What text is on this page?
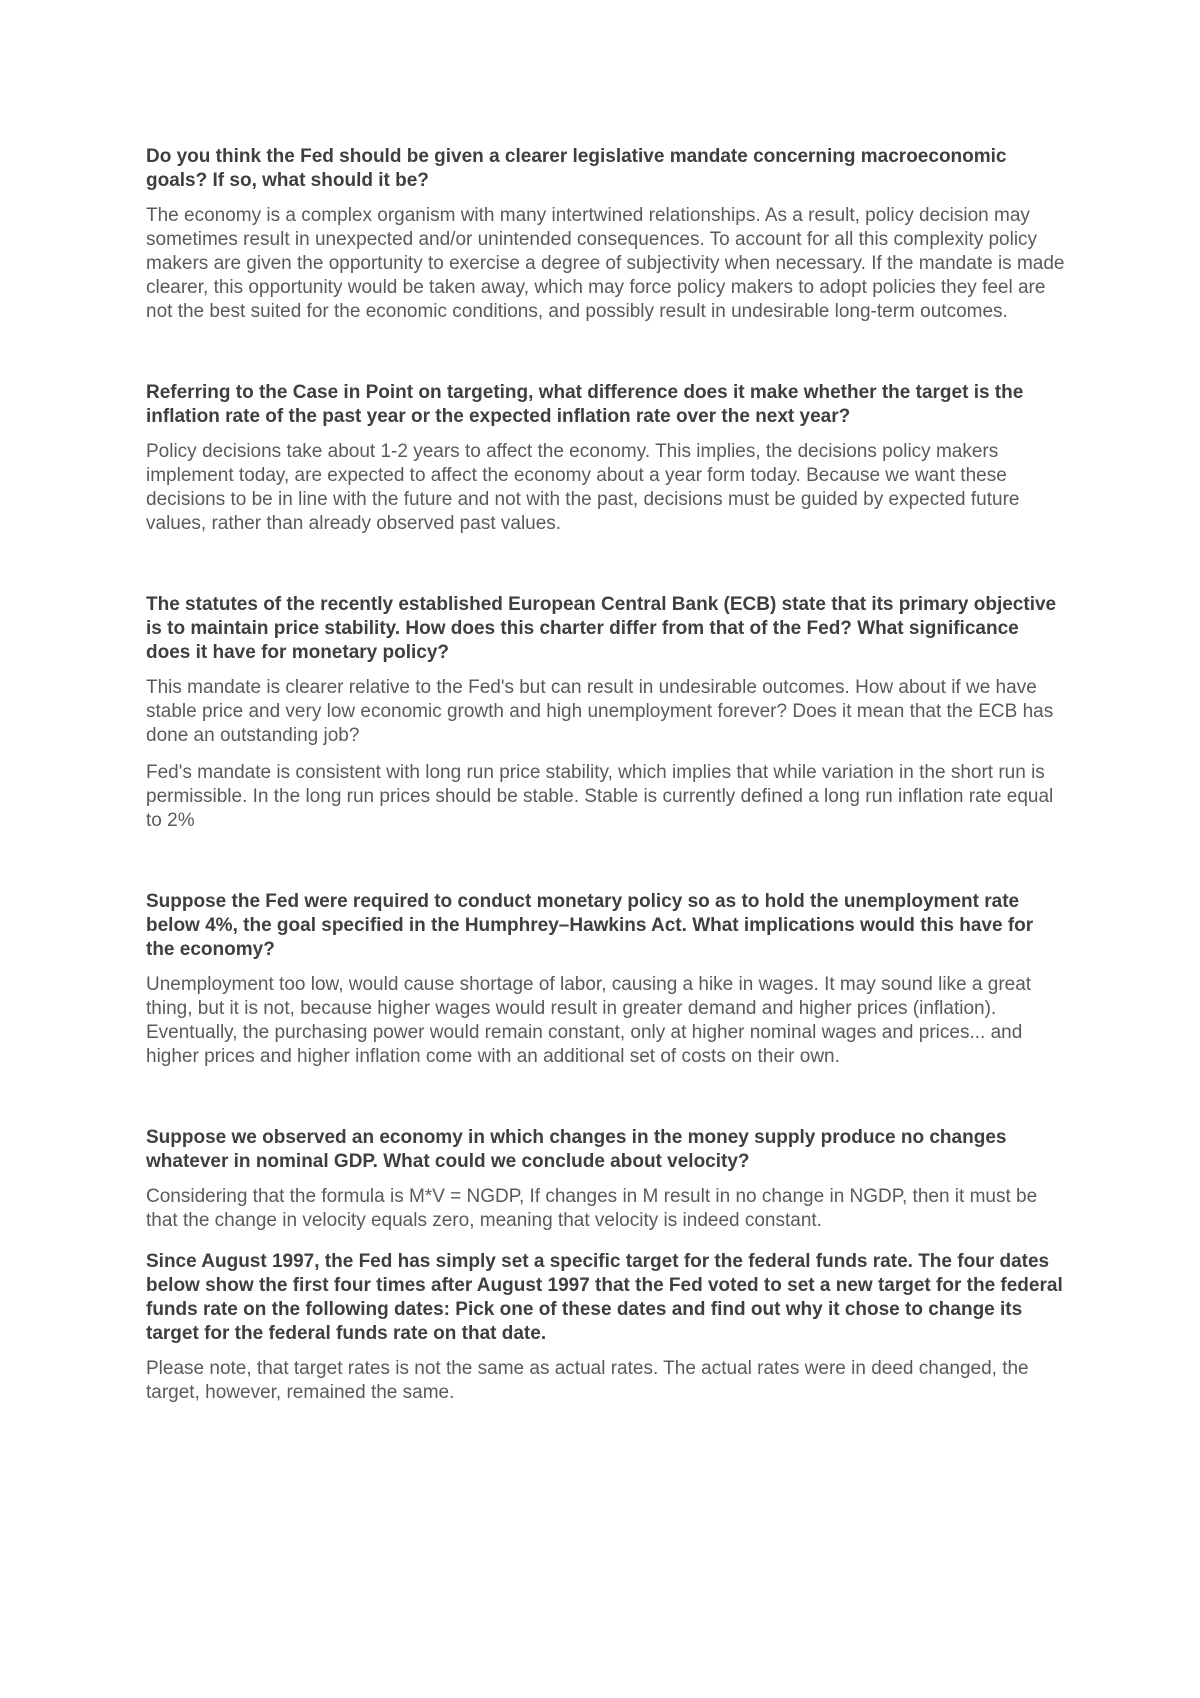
Do you think the Fed should be given a clearer legislative mandate concerning macroeconomic goals? If so, what should it be?

The economy is a complex organism with many intertwined relationships. As a result, policy decision may sometimes result in unexpected and/or unintended consequences. To account for all this complexity policy makers are given the opportunity to exercise a degree of subjectivity when necessary. If the mandate is made clearer, this opportunity would be taken away, which may force policy makers to adopt policies they feel are not the best suited for the economic conditions, and possibly result in undesirable long-term outcomes.

Referring to the Case in Point on targeting, what difference does it make whether the target is the inflation rate of the past year or the expected inflation rate over the next year?

Policy decisions take about 1-2 years to affect the economy. This implies, the decisions policy makers implement today, are expected to affect the economy about a year form today. Because we want these decisions to be in line with the future and not with the past, decisions must be guided by expected future values, rather than already observed past values.

The statutes of the recently established European Central Bank (ECB) state that its primary objective is to maintain price stability. How does this charter differ from that of the Fed? What significance does it have for monetary policy?

This mandate is clearer relative to the Fed's but can result in undesirable outcomes. How about if we have stable price and very low economic growth and high unemployment forever? Does it mean that the ECB has done an outstanding job?

Fed's mandate is consistent with long run price stability, which implies that while variation in the short run is permissible. In the long run prices should be stable. Stable is currently defined a long run inflation rate equal to 2%

Suppose the Fed were required to conduct monetary policy so as to hold the unemployment rate below 4%, the goal specified in the Humphrey–Hawkins Act. What implications would this have for the economy?

Unemployment too low, would cause shortage of labor, causing a hike in wages. It may sound like a great thing, but it is not, because higher wages would result in greater demand and higher prices (inflation). Eventually, the purchasing power would remain constant, only at higher nominal wages and prices... and higher prices and higher inflation come with an additional set of costs on their own.

Suppose we observed an economy in which changes in the money supply produce no changes whatever in nominal GDP. What could we conclude about velocity?

Considering that the formula is M*V = NGDP, If changes in M result in no change in NGDP, then it must be that the change in velocity equals zero, meaning that velocity is indeed constant.

Since August 1997, the Fed has simply set a specific target for the federal funds rate. The four dates below show the first four times after August 1997 that the Fed voted to set a new target for the federal funds rate on the following dates: Pick one of these dates and find out why it chose to change its target for the federal funds rate on that date.

Please note, that target rates is not the same as actual rates. The actual rates were in deed changed, the target, however, remained the same.
